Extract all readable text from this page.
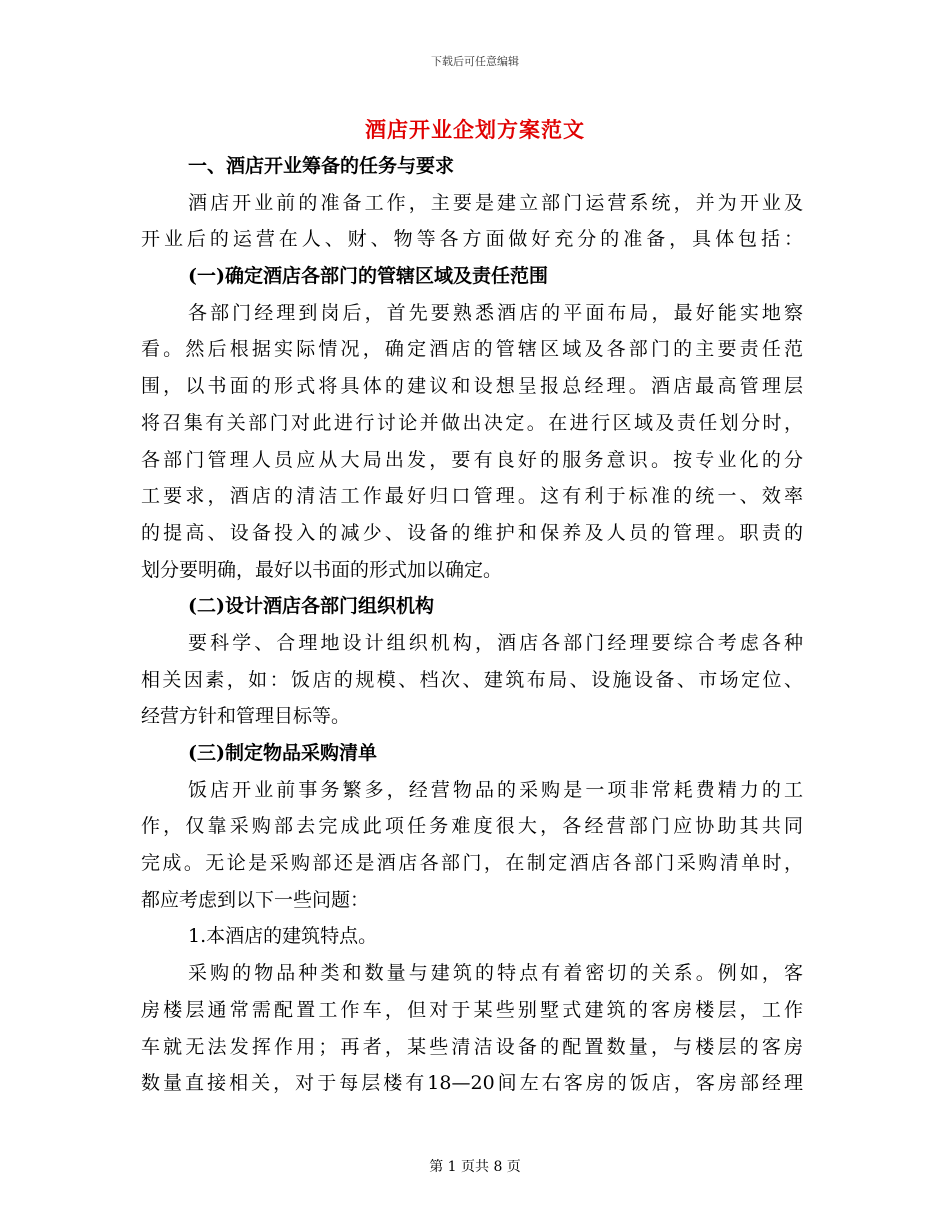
下载后可任意编辑
酒店开业企划方案范文
一、酒店开业筹备的任务与要求
酒店开业前的准备工作，主要是建立部门运营系统，并为开业及
开业后的运营在人、财、物等各方面做好充分的准备，具体包括：
(一)确定酒店各部门的管辖区域及责任范围
各部门经理到岗后，首先要熟悉酒店的平面布局，最好能实地察
看。然后根据实际情况，确定酒店的管辖区域及各部门的主要责任范
围，以书面的形式将具体的建议和设想呈报总经理。酒店最高管理层
将召集有关部门对此进行讨论并做出决定。在进行区域及责任划分时，
各部门管理人员应从大局出发，要有良好的服务意识。按专业化的分
工要求，酒店的清洁工作最好归口管理。这有利于标准的统一、效率
的提高、设备投入的减少、设备的维护和保养及人员的管理。职责的
划分要明确，最好以书面的形式加以确定。
(二)设计酒店各部门组织机构
要科学、合理地设计组织机构，酒店各部门经理要综合考虑各种
相关因素，如：饭店的规模、档次、建筑布局、设施设备、市场定位、
经营方针和管理目标等。
(三)制定物品采购清单
饭店开业前事务繁多，经营物品的采购是一项非常耗费精力的工
作，仅靠采购部去完成此项任务难度很大，各经营部门应协助其共同
完成。无论是采购部还是酒店各部门，在制定酒店各部门采购清单时，
都应考虑到以下一些问题：
1.本酒店的建筑特点。
采购的物品种类和数量与建筑的特点有着密切的关系。例如，客
房楼层通常需配置工作车，但对于某些别墅式建筑的客房楼层，工作
车就无法发挥作用；再者，某些清洁设备的配置数量，与楼层的客房
数量直接相关，对于每层楼有18—20间左右客房的饭店，客房部经理
第 1 页共 8 页
